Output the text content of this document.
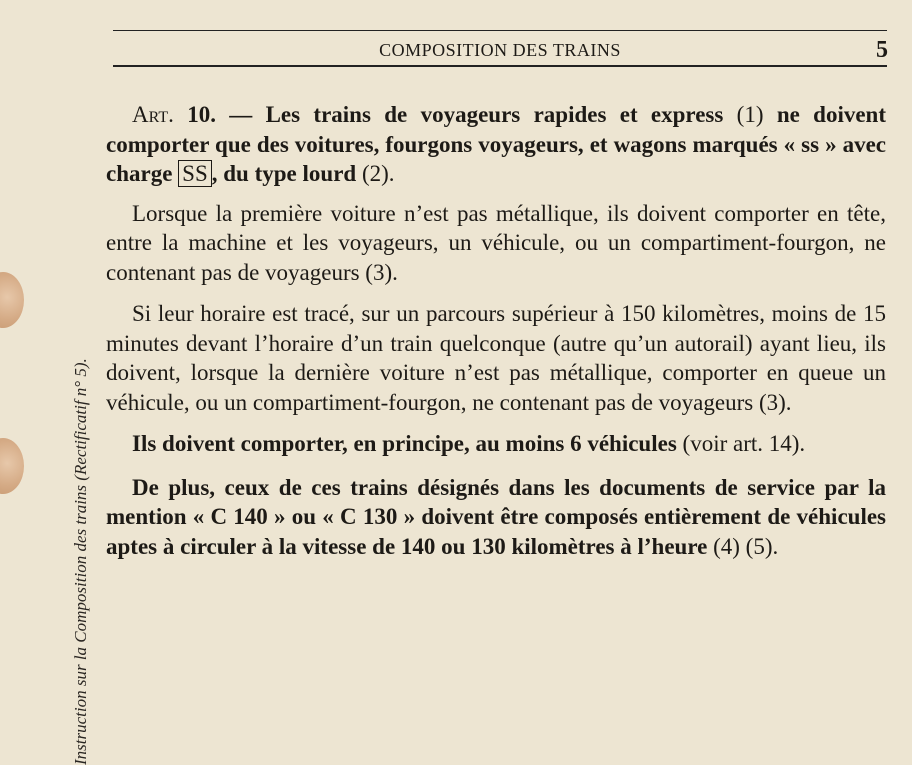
COMPOSITION DES TRAINS	5
Instruction sur la Composition des trains (Rectificatif n° 5).

Art. 10. — Les trains de voyageurs rapides et express (1) ne doivent comporter que des voitures, fourgons voyageurs, et wagons marqués « ss » avec charge SS , du type lourd (2).

Lorsque la première voiture n’est pas métallique, ils doivent comporter en tête, entre la machine et les voyageurs, un véhicule, ou un compartiment-fourgon, ne contenant pas de voyageurs (3).

Si leur horaire est tracé, sur un parcours supérieur à 150 kilomètres, moins de 15 minutes devant l’horaire d’un train quelconque (autre qu’un autorail) ayant lieu, ils doivent, lorsque la dernière voiture n’est pas métallique, comporter en queue un véhicule, ou un compartiment-fourgon, ne contenant pas de voyageurs (3).

Ils doivent comporter, en principe, au moins 6 véhicules (voir art. 14).

De plus, ceux de ces trains désignés dans les documents de service par la mention « C 140 » ou « C 130 » doivent être composés entièrement de véhicules aptes à circuler à la vitesse de 140 ou 130 kilomètres à l’heure (4) (5).
